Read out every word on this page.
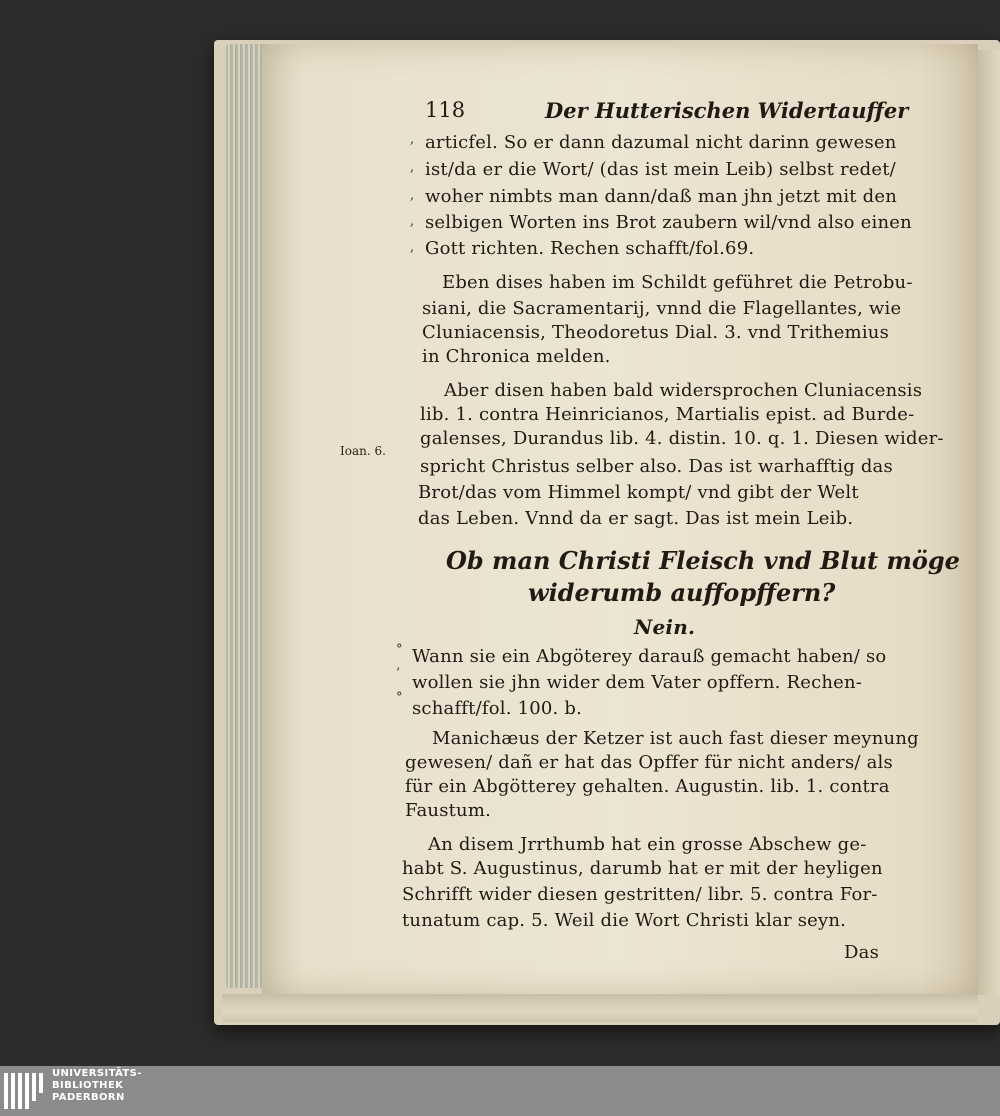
118	Der Hutterischen Widertauffer
,
,
,
,
,
articfel. So er dann dazumal nicht darinn gewesen
ist/da er die Wort/ (das ist mein Leib) selbst redet/
woher nimbts man dann/daß man jhn jetzt mit den
selbigen Worten ins Brot zaubern wil/vnd also einen
Gott richten. Rechen schafft/fol.69.
Eben dises haben im Schildt geführet die Petrobu-
siani, die Sacramentarij, vnnd die Flagellantes, wie
Cluniacensis, Theodoretus Dial. 3. vnd Trithemius
in Chronica melden.
Aber disen haben bald widersprochen Cluniacensis
lib. 1. contra Heinricianos, Martialis epist. ad Burde-
galenses, Durandus lib. 4. distin. 10. q. 1. Diesen wider-
spricht Christus selber also. Das ist warhafftig das
Brot/das vom Himmel kompt/ vnd gibt der Welt
das Leben. Vnnd da er sagt. Das ist mein Leib.
Ioan. 6.
Ob man Christi Fleisch vnd Blut möge
widerumb auffopffern?
Nein.
°
’
°
Wann sie ein Abgöterey darauß gemacht haben/ so
wollen sie jhn wider dem Vater opffern. Rechen-
schafft/fol. 100. b.
Manichæus der Ketzer ist auch fast dieser meynung
gewesen/ dañ er hat das Opffer für nicht anders/ als
für ein Abgötterey gehalten. Augustin. lib. 1. contra
Faustum.
An disem Jrrthumb hat ein grosse Abschew ge-
habt S. Augustinus, darumb hat er mit der heyligen
Schrifft wider diesen gestritten/ libr. 5. contra For-
tunatum cap. 5. Weil die Wort Christi klar seyn.
Das
UNIVERSITÄTS-
BIBLIOTHEK
PADERBORN
